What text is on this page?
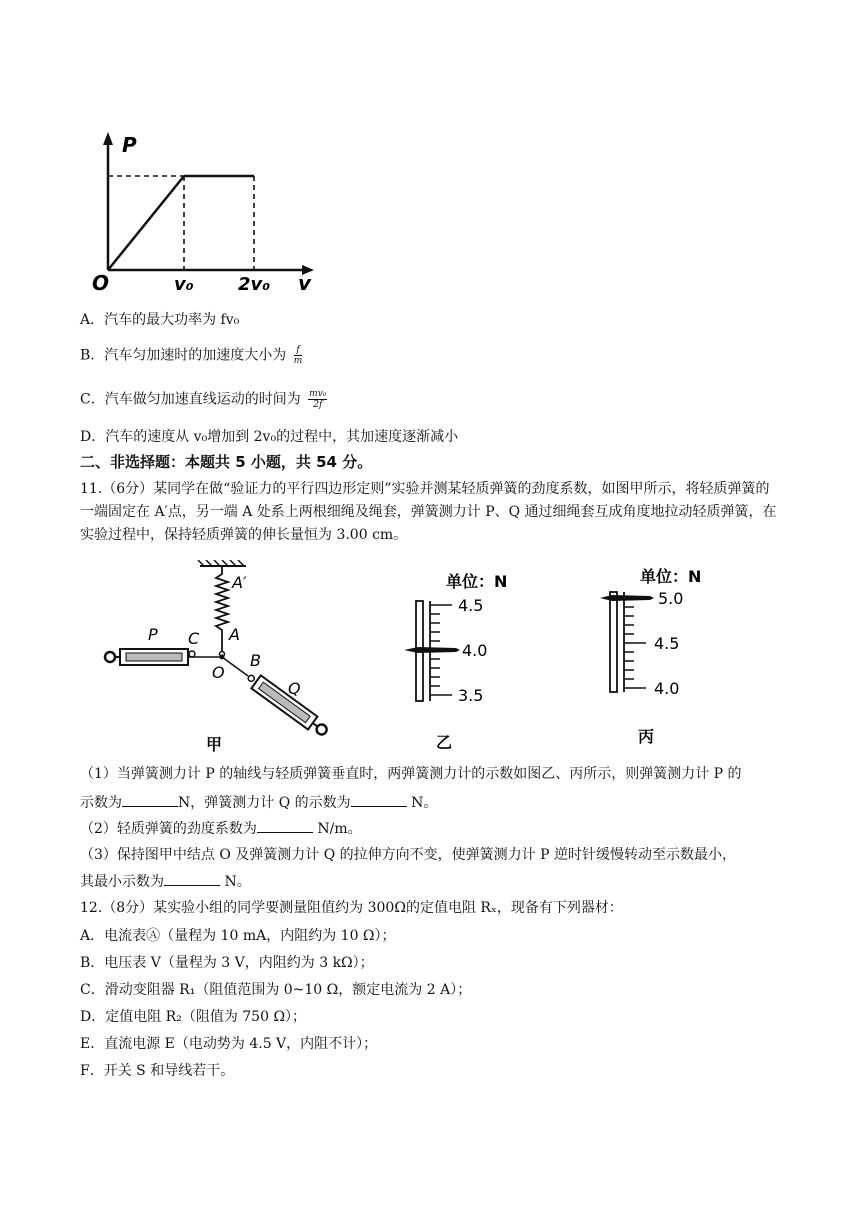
P
O	v₀ 2v₀ v
A．汽车的最大功率为 fv₀
B．汽车匀加速时的加速度大小为 $\frac{f}{m}$
C．汽车做匀加速直线运动的时间为 $\frac{\text{mv₀}}{2f}$
D．汽车的速度从 v₀增加到 2v₀的过程中，其加速度逐渐减小
二、非选择题：本题共 5 小题，共 54 分。
11.（6分）某同学在做“验证力的平行四边形定则”实验并测某轻质弹簧的劲度系数，如图甲所示，将轻质弹簧的一端固定在 A′点，另一端 A 处系上两根细绳及绳套，弹簧测力计 P、Q 通过细绳套互成角度地拉动轻质弹簧，在实验过程中，保持轻质弹簧的伸长量恒为 3.00 cm。
A′
A
P C
O
B
Q
甲
单位：N
4.5
4.0
3.5
乙
单位：N
5.0
4.5
4.0
丙
（1）当弹簧测力计 P 的轴线与轻质弹簧垂直时，两弹簧测力计的示数如图乙、丙所示，则弹簧测力计 P 的
示数为	N，弹簧测力计 Q 的示数为	N。
（2）轻质弹簧的劲度系数为	N/m。
（3）保持图甲中结点 O 及弹簧测力计 Q 的拉伸方向不变，使弹簧测力计 P 逆时针缓慢转动至示数最小，
其最小示数为	N。
12.（8分）某实验小组的同学要测量阻值约为 300Ω的定值电阻 Rₓ，现备有下列器材：
A．电流表Ⓐ（量程为 10 mA，内阻约为 10 Ω）；
B．电压表 V（量程为 3 V，内阻约为 3 kΩ）；
C．滑动变阻器 R₁（阻值范围为 0~10 Ω，额定电流为 2 A）；
D．定值电阻 R₂（阻值为 750 Ω）；
E．直流电源 E（电动势为 4.5 V，内阻不计）；
F．开关 S 和导线若干。
